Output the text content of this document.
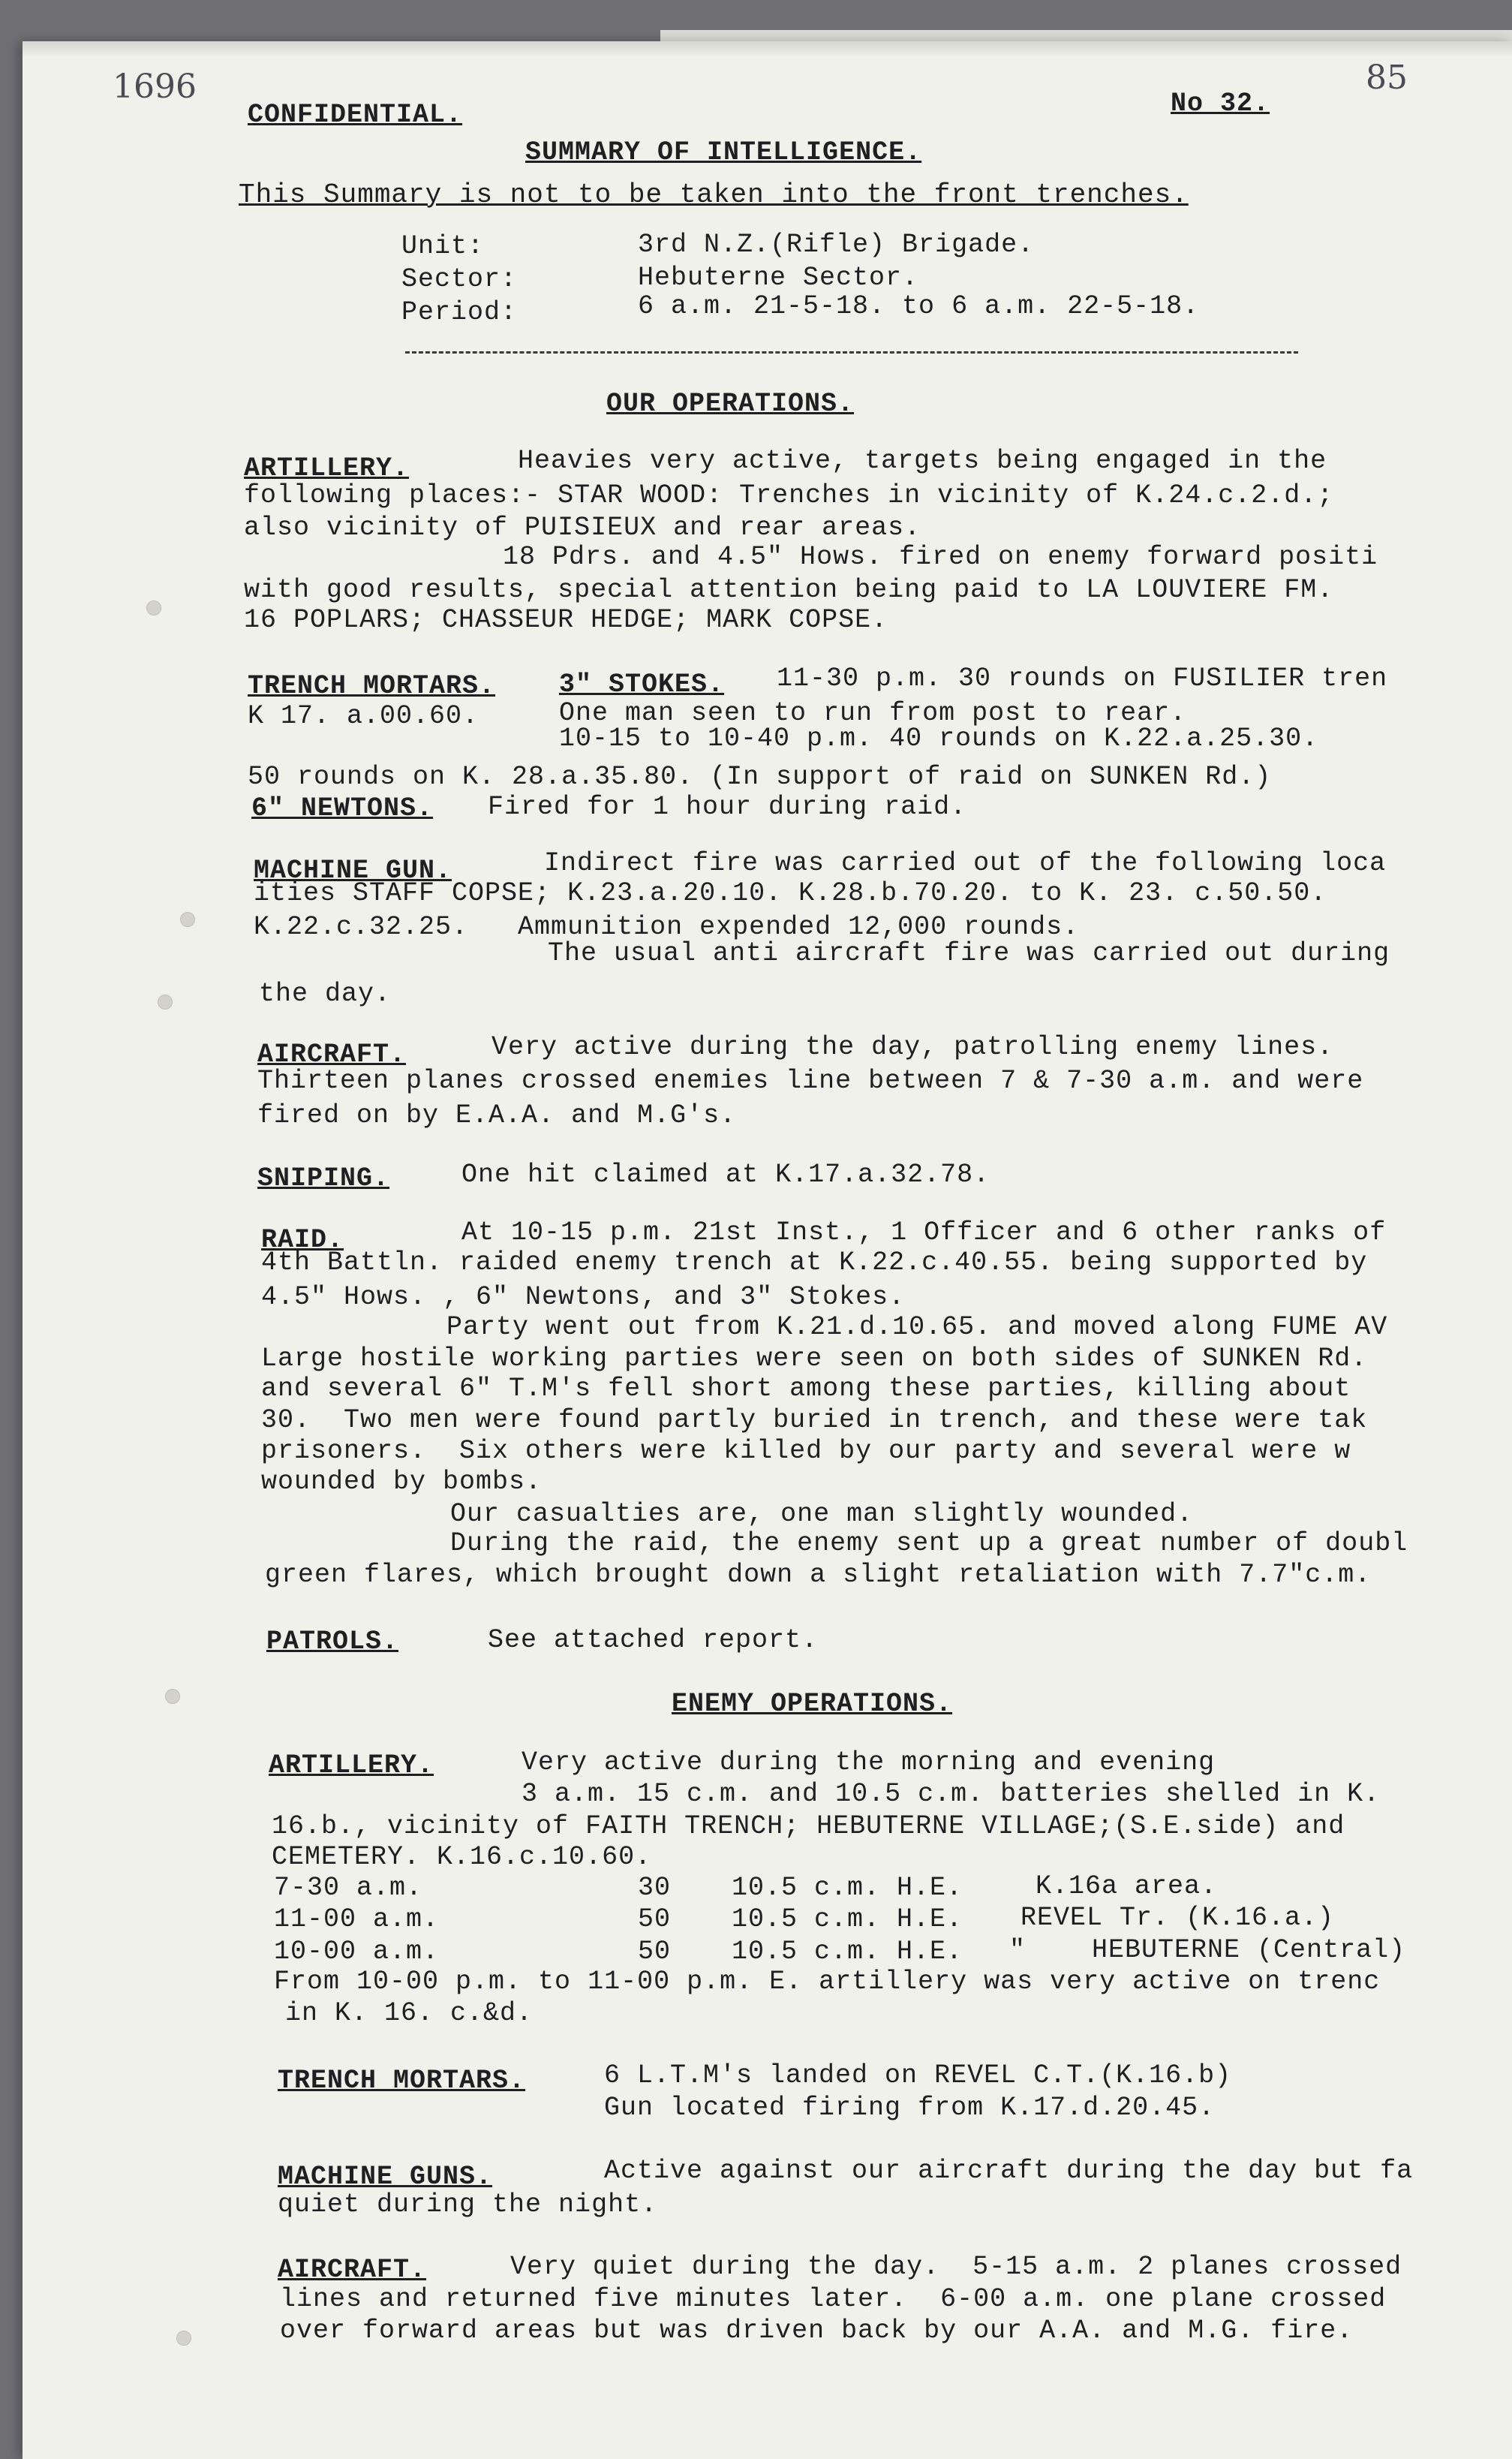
1696	85
CONFIDENTIAL.	No 32.
SUMMARY OF INTELLIGENCE.
This Summary is not to be taken into the front trenches.
Unit:	3rd N.Z.(Rifle) Brigade.
Sector:	Hebuterne Sector.
Period:	6 a.m. 21-5-18. to 6 a.m. 22-5-18.
OUR OPERATIONS.
ARTILLERY.	Heavies very active, targets being engaged in the
following places:- STAR WOOD: Trenches in vicinity of K.24.c.2.d.;
also vicinity of PUISIEUX and rear areas.
18 Pdrs. and 4.5" Hows. fired on enemy forward positi
with good results, special attention being paid to LA LOUVIERE FM.
16 POPLARS; CHASSEUR HEDGE; MARK COPSE.
TRENCH MORTARS. 3" STOKES. 11-30 p.m. 30 rounds on FUSILIER tren
K 17. a.00.60.	One man seen to run from post to rear.
10-15 to 10-40 p.m. 40 rounds on K.22.a.25.30.
50 rounds on K. 28.a.35.80. (In support of raid on SUNKEN Rd.)
6" NEWTONS. Fired for 1 hour during raid.
MACHINE GUN.	Indirect fire was carried out of the following loca
ities STAFF COPSE; K.23.a.20.10. K.28.b.70.20. to K. 23. c.50.50.
K.22.c.32.25.   Ammunition expended 12,000 rounds.
The usual anti aircraft fire was carried out during
the day.
AIRCRAFT.	Very active during the day, patrolling enemy lines.
Thirteen planes crossed enemies line between 7 & 7-30 a.m. and were
fired on by E.A.A. and M.G's.
SNIPING.	One hit claimed at K.17.a.32.78.
RAID.	At 10-15 p.m. 21st Inst., 1 Officer and 6 other ranks of
4th Battln. raided enemy trench at K.22.c.40.55. being supported by
4.5" Hows. , 6" Newtons, and 3" Stokes.
Party went out from K.21.d.10.65. and moved along FUME AV
Large hostile working parties were seen on both sides of SUNKEN Rd.
and several 6" T.M's fell short among these parties, killing about
30.  Two men were found partly buried in trench, and these were tak
prisoners.  Six others were killed by our party and several were w
wounded by bombs.
Our casualties are, one man slightly wounded.
During the raid, the enemy sent up a great number of doubl
green flares, which brought down a slight retaliation with 7.7"c.m.
PATROLS.	See attached report.
ENEMY OPERATIONS.
ARTILLERY.	Very active during the morning and evening
3 a.m. 15 c.m. and 10.5 c.m. batteries shelled in K.
16.b., vicinity of FAITH TRENCH; HEBUTERNE VILLAGE;(S.E.side) and
CEMETERY. K.16.c.10.60.
7-30 a.m.	30 10.5 c.m. H.E.	K.16a area.
11-00 a.m.	50 10.5 c.m. H.E. REVEL Tr. (K.16.a.)
10-00 a.m.	50 10.5 c.m. H.E. "    HEBUTERNE (Central)
From 10-00 p.m. to 11-00 p.m. E. artillery was very active on trenc
in K. 16. c.&d.
TRENCH MORTARS.	6 L.T.M's landed on REVEL C.T.(K.16.b)
Gun located firing from K.17.d.20.45.
MACHINE GUNS.	Active against our aircraft during the day but fa
quiet during the night.
AIRCRAFT.	Very quiet during the day.  5-15 a.m. 2 planes crossed
lines and returned five minutes later.  6-00 a.m. one plane crossed
over forward areas but was driven back by our A.A. and M.G. fire.
